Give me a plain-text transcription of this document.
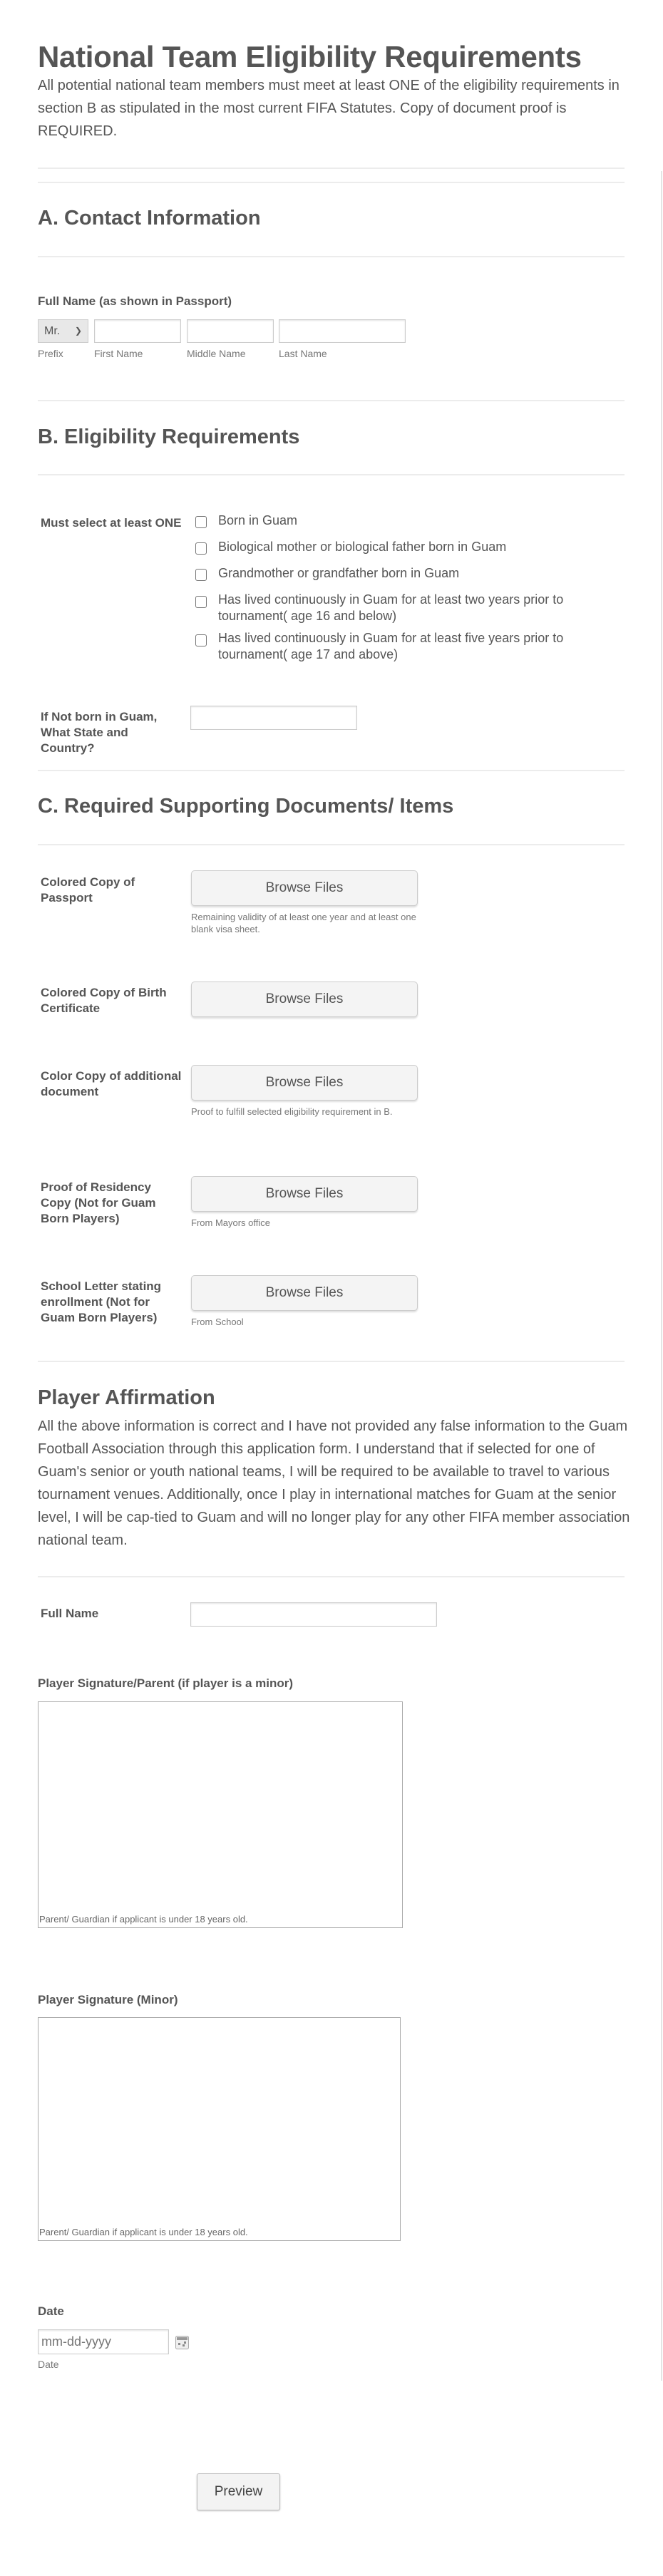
National Team Eligibility Requirements
All potential national team members must meet at least ONE of the eligibility requirements in section B as stipulated in the most current FIFA Statutes. Copy of document proof is REQUIRED.
A. Contact Information
Full Name (as shown in Passport)
Mr. ❯
Prefix	First Name	Middle Name	Last Name
B. Eligibility Requirements
Must select at least ONE	Born in Guam
Biological mother or biological father born in Guam
Grandmother or grandfather born in Guam
Has lived continuously in Guam for at least two years prior to tournament( age 16 and below)
Has lived continuously in Guam for at least five years prior to tournament( age 17 and above)
If Not born in Guam, What State and Country?
C. Required Supporting Documents/ Items
Colored Copy of Passport
Browse Files
Remaining validity of at least one year and at least one blank visa sheet.
Colored Copy of Birth Certificate
Browse Files
Color Copy of additional document
Browse Files
Proof to fulfill selected eligibility requirement in B.
Proof of Residency Copy (Not for Guam Born Players)
Browse Files
From Mayors office
School Letter stating enrollment (Not for Guam Born Players)
Browse Files
From School
Player Affirmation
All the above information is correct and I have not provided any false information to the Guam Football Association through this application form. I understand that if selected for one of Guam's senior or youth national teams, I will be required to be available to travel to various tournament venues. Additionally, once I play in international matches for Guam at the senior level, I will be cap-tied to Guam and will no longer play for any other FIFA member association national team.
Full Name
Player Signature/Parent (if player is a minor)
Parent/ Guardian if applicant is under 18 years old.
Player Signature (Minor)
Parent/ Guardian if applicant is under 18 years old.
Date
mm-dd-yyyy
Date
Preview
